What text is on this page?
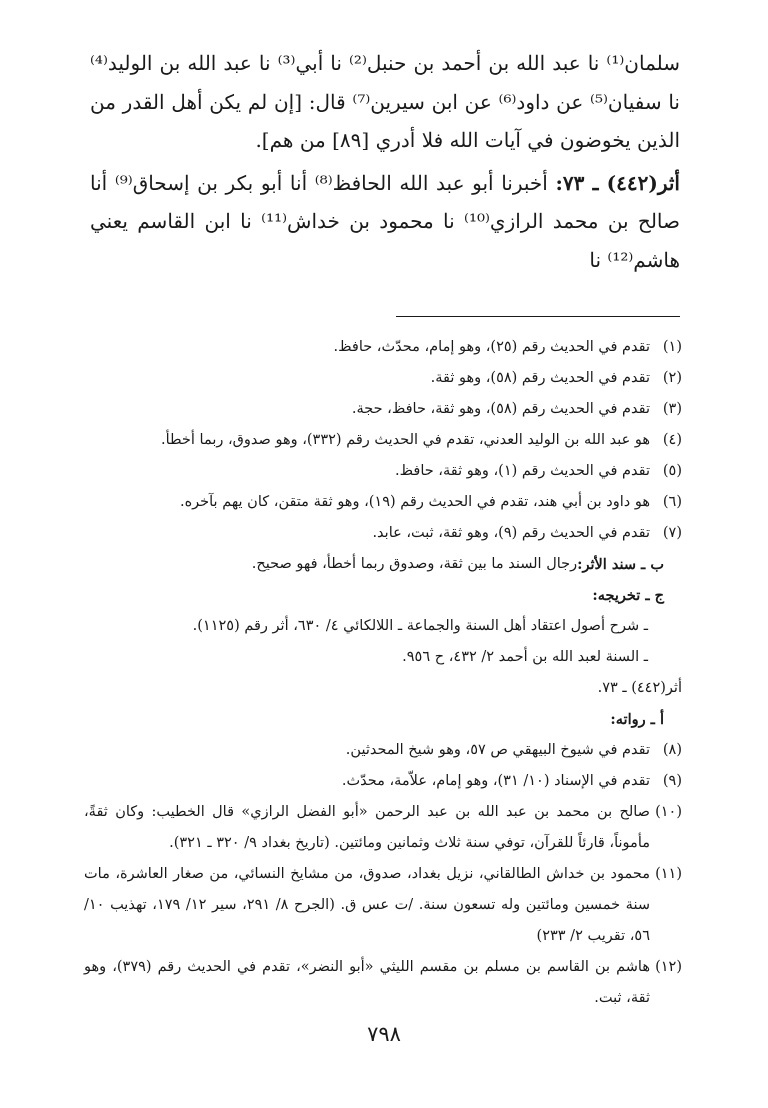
سلمان⁽¹⁾ نا عبد الله بن أحمد بن حنبل⁽²⁾ نا أبي⁽³⁾ نا عبد الله بن الوليد⁽⁴⁾ نا سفيان⁽⁵⁾ عن داود⁽⁶⁾ عن ابن سيرين⁽⁷⁾ قال: [إن لم يكن أهل القدر من الذين يخوضون في آيات الله فلا أدري [٨٩] من هم].

أثر(٤٤٢) ـ ٧٣: أخبرنا أبو عبد الله الحافظ⁽⁸⁾ أنا أبو بكر بن إسحاق⁽⁹⁾ أنا صالح بن محمد الرازي⁽¹⁰⁾ نا محمود بن خداش⁽¹¹⁾ نا ابن القاسم يعني هاشم⁽¹²⁾ نا

(١)
تقدم في الحديث رقم (٢٥)، وهو إمام، محدّث، حافظ.
(٢)
تقدم في الحديث رقم (٥٨)، وهو ثقة.
(٣)
تقدم في الحديث رقم (٥٨)، وهو ثقة، حافظ، حجة.
(٤)
هو عبد الله بن الوليد العدني، تقدم في الحديث رقم (٣٣٢)، وهو صدوق، ربما أخطأ.
(٥)
تقدم في الحديث رقم (١)، وهو ثقة، حافظ.
(٦)
هو داود بن أبي هند، تقدم في الحديث رقم (١٩)، وهو ثقة متقن، كان يهم بآخره.
(٧)
تقدم في الحديث رقم (٩)، وهو ثقة، ثبت، عابد.
ب ـ سند الأثر:
رجال السند ما بين ثقة، وصدوق ربما أخطأ، فهو صحيح.
ج ـ تخريجه:
ـ شرح أصول اعتقاد أهل السنة والجماعة ـ اللالكائي ٤/ ٦٣٠، أثر رقم (١١٢٥).
ـ السنة لعبد الله بن أحمد ٢/ ٤٣٢، ح ٩٥٦.
أثر(٤٤٢) ـ ٧٣.
أ ـ رواته:
(٨)
تقدم في شيوخ البيهقي ص ٥٧، وهو شيخ المحدثين.
(٩)
تقدم في الإسناد (١٠/ ٣١)، وهو إمام، علاّمة، محدّث.
(١٠)
صالح بن محمد بن عبد الله بن عبد الرحمن «أبو الفضل الرازي» قال الخطيب: وكان ثقةً، مأموناً، قارئاً للقرآن، توفي سنة ثلاث وثمانين ومائتين. (تاريخ بغداد ٩/ ٣٢٠ ـ ٣٢١).
(١١)
محمود بن خداش الطالقاني، نزيل بغداد، صدوق، من مشايخ النسائي، من صغار العاشرة، مات سنة خمسين ومائتين وله تسعون سنة. /ت عس ق. (الجرح ٨/ ٢٩١، سير ١٢/ ١٧٩، تهذيب ١٠/ ٥٦، تقريب ٢/ ٢٣٣)
(١٢)
هاشم بن القاسم بن مسلم بن مقسم الليثي «أبو النضر»، تقدم في الحديث رقم (٣٧٩)، وهو ثقة، ثبت.
٧٩٨
